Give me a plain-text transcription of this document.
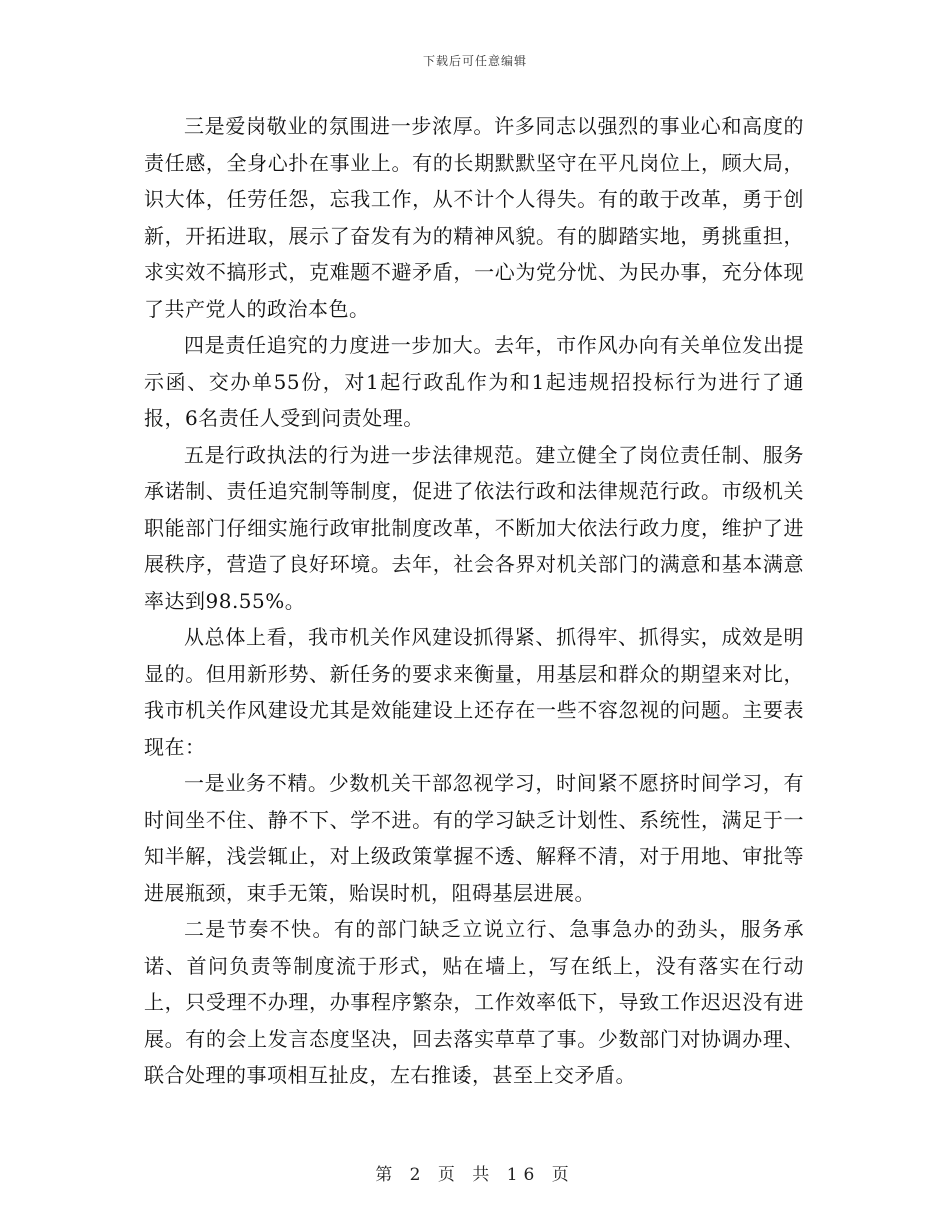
下载后可任意编辑

三是爱岗敬业的氛围进一步浓厚。许多同志以强烈的事业心和高度的责任感，全身心扑在事业上。有的长期默默坚守在平凡岗位上，顾大局，识大体，任劳任怨，忘我工作，从不计个人得失。有的敢于改革，勇于创新，开拓进取，展示了奋发有为的精神风貌。有的脚踏实地，勇挑重担，求实效不搞形式，克难题不避矛盾，一心为党分忧、为民办事，充分体现了共产党人的政治本色。

四是责任追究的力度进一步加大。去年，市作风办向有关单位发出提示函、交办单55份，对1起行政乱作为和1起违规招投标行为进行了通报，6名责任人受到问责处理。

五是行政执法的行为进一步法律规范。建立健全了岗位责任制、服务承诺制、责任追究制等制度，促进了依法行政和法律规范行政。市级机关职能部门仔细实施行政审批制度改革，不断加大依法行政力度，维护了进展秩序，营造了良好环境。去年，社会各界对机关部门的满意和基本满意率达到98.55%。

从总体上看，我市机关作风建设抓得紧、抓得牢、抓得实，成效是明显的。但用新形势、新任务的要求来衡量，用基层和群众的期望来对比，我市机关作风建设尤其是效能建设上还存在一些不容忽视的问题。主要表现在：

一是业务不精。少数机关干部忽视学习，时间紧不愿挤时间学习，有时间坐不住、静不下、学不进。有的学习缺乏计划性、系统性，满足于一知半解，浅尝辄止，对上级政策掌握不透、解释不清，对于用地、审批等进展瓶颈，束手无策，贻误时机，阻碍基层进展。

二是节奏不快。有的部门缺乏立说立行、急事急办的劲头，服务承诺、首问负责等制度流于形式，贴在墙上，写在纸上，没有落实在行动上，只受理不办理，办事程序繁杂，工作效率低下，导致工作迟迟没有进展。有的会上发言态度坚决，回去落实草草了事。少数部门对协调办理、联合处理的事项相互扯皮，左右推诿，甚至上交矛盾。

第 2 页 共 16 页
